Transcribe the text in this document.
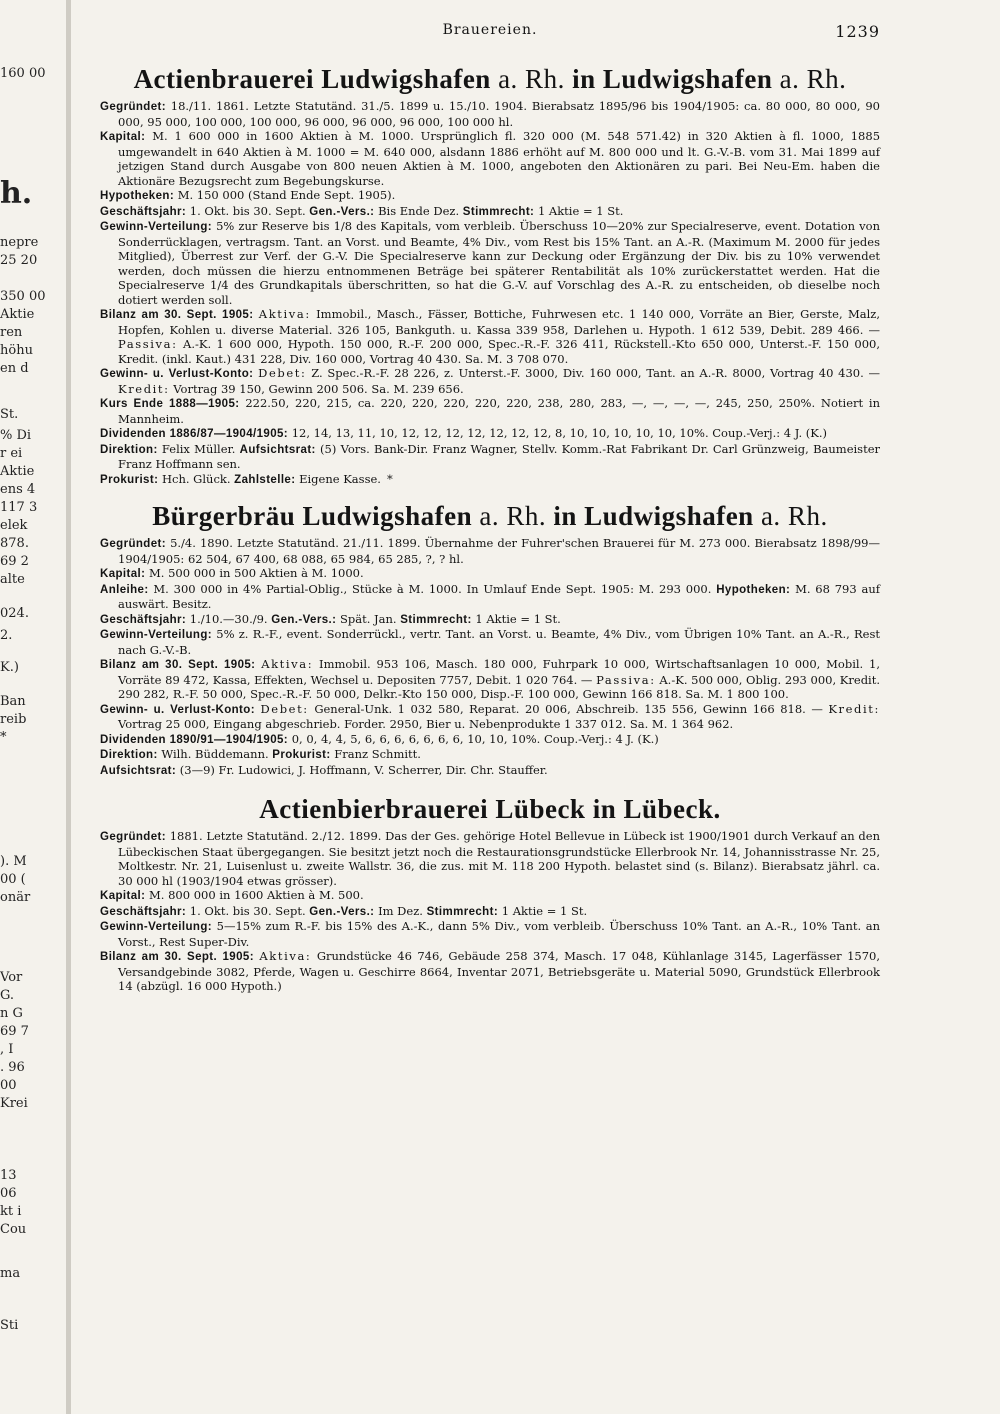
160 00
h.
nepre
25 20
350 00
Aktie
ren
höhu
en d
St.
% Di
r ei
Aktie
ens 4
117 3
elek
878.
69 2
alte
024.
2.
K.)
Ban
reib
*
). M
00 (
onär
Vor
G.
n G
69 7
, I
. 96
00
Krei
13
06
kt i
Cou
ma
Sti
Brauereien.	1239
Actienbrauerei Ludwigshafen a. Rh. in Ludwigshafen a. Rh.

Gegründet: 18./11. 1861. Letzte Statutänd. 31./5. 1899 u. 15./10. 1904. Bierabsatz 1895/96 bis 1904/1905: ca. 80 000, 80 000, 90 000, 95 000, 100 000, 100 000, 96 000, 96 000, 96 000, 100 000 hl.

Kapital: M. 1 600 000 in 1600 Aktien à M. 1000. Ursprünglich fl. 320 000 (M. 548 571.42) in 320 Aktien à fl. 1000, 1885 umgewandelt in 640 Aktien à M. 1000 = M. 640 000, alsdann 1886 erhöht auf M. 800 000 und lt. G.-V.-B. vom 31. Mai 1899 auf jetzigen Stand durch Ausgabe von 800 neuen Aktien à M. 1000, angeboten den Aktionären zu pari. Bei Neu-Em. haben die Aktionäre Bezugsrecht zum Begebungskurse.

Hypotheken: M. 150 000 (Stand Ende Sept. 1905).

Geschäftsjahr: 1. Okt. bis 30. Sept. Gen.-Vers.: Bis Ende Dez. Stimmrecht: 1 Aktie = 1 St.

Gewinn-Verteilung: 5% zur Reserve bis 1/8 des Kapitals, vom verbleib. Überschuss 10—20% zur Specialreserve, event. Dotation von Sonderrücklagen, vertragsm. Tant. an Vorst. und Beamte, 4% Div., vom Rest bis 15% Tant. an A.-R. (Maximum M. 2000 für jedes Mitglied), Überrest zur Verf. der G.-V. Die Specialreserve kann zur Deckung oder Ergänzung der Div. bis zu 10% verwendet werden, doch müssen die hierzu entnommenen Beträge bei späterer Rentabilität als 10% zurückerstattet werden. Hat die Specialreserve 1/4 des Grundkapitals überschritten, so hat die G.-V. auf Vorschlag des A.-R. zu entscheiden, ob dieselbe noch dotiert werden soll.

Bilanz am 30. Sept. 1905: Aktiva: Immobil., Masch., Fässer, Bottiche, Fuhrwesen etc. 1 140 000, Vorräte an Bier, Gerste, Malz, Hopfen, Kohlen u. diverse Material. 326 105, Bankguth. u. Kassa 339 958, Darlehen u. Hypoth. 1 612 539, Debit. 289 466. — Passiva: A.-K. 1 600 000, Hypoth. 150 000, R.-F. 200 000, Spec.-R.-F. 326 411, Rückstell.-Kto 650 000, Unterst.-F. 150 000, Kredit. (inkl. Kaut.) 431 228, Div. 160 000, Vortrag 40 430. Sa. M. 3 708 070.

Gewinn- u. Verlust-Konto: Debet: Z. Spec.-R.-F. 28 226, z. Unterst.-F. 3000, Div. 160 000, Tant. an A.-R. 8000, Vortrag 40 430. — Kredit: Vortrag 39 150, Gewinn 200 506. Sa. M. 239 656.

Kurs Ende 1888—1905: 222.50, 220, 215, ca. 220, 220, 220, 220, 220, 238, 280, 283, —, —, —, —, 245, 250, 250%. Notiert in Mannheim.

Dividenden 1886/87—1904/1905: 12, 14, 13, 11, 10, 12, 12, 12, 12, 12, 12, 12, 8, 10, 10, 10, 10, 10, 10%. Coup.-Verj.: 4 J. (K.)

Direktion: Felix Müller. Aufsichtsrat: (5) Vors. Bank-Dir. Franz Wagner, Stellv. Komm.-Rat Fabrikant Dr. Carl Grünzweig, Baumeister Franz Hoffmann sen.

Prokurist: Hch. Glück. Zahlstelle: Eigene Kasse. *

Bürgerbräu Ludwigshafen a. Rh. in Ludwigshafen a. Rh.

Gegründet: 5./4. 1890. Letzte Statutänd. 21./11. 1899. Übernahme der Fuhrer'schen Brauerei für M. 273 000. Bierabsatz 1898/99—1904/1905: 62 504, 67 400, 68 088, 65 984, 65 285, ?, ? hl.

Kapital: M. 500 000 in 500 Aktien à M. 1000.

Anleihe: M. 300 000 in 4% Partial-Oblig., Stücke à M. 1000. In Umlauf Ende Sept. 1905: M. 293 000. Hypotheken: M. 68 793 auf auswärt. Besitz.

Geschäftsjahr: 1./10.—30./9. Gen.-Vers.: Spät. Jan. Stimmrecht: 1 Aktie = 1 St.

Gewinn-Verteilung: 5% z. R.-F., event. Sonderrückl., vertr. Tant. an Vorst. u. Beamte, 4% Div., vom Übrigen 10% Tant. an A.-R., Rest nach G.-V.-B.

Bilanz am 30. Sept. 1905: Aktiva: Immobil. 953 106, Masch. 180 000, Fuhrpark 10 000, Wirtschaftsanlagen 10 000, Mobil. 1, Vorräte 89 472, Kassa, Effekten, Wechsel u. Depositen 7757, Debit. 1 020 764. — Passiva: A.-K. 500 000, Oblig. 293 000, Kredit. 290 282, R.-F. 50 000, Spec.-R.-F. 50 000, Delkr.-Kto 150 000, Disp.-F. 100 000, Gewinn 166 818. Sa. M. 1 800 100.

Gewinn- u. Verlust-Konto: Debet: General-Unk. 1 032 580, Reparat. 20 006, Abschreib. 135 556, Gewinn 166 818. — Kredit: Vortrag 25 000, Eingang abgeschrieb. Forder. 2950, Bier u. Nebenprodukte 1 337 012. Sa. M. 1 364 962.

Dividenden 1890/91—1904/1905: 0, 0, 4, 4, 5, 6, 6, 6, 6, 6, 6, 6, 10, 10, 10%. Coup.-Verj.: 4 J. (K.)

Direktion: Wilh. Büddemann. Prokurist: Franz Schmitt.

Aufsichtsrat: (3—9) Fr. Ludowici, J. Hoffmann, V. Scherrer, Dir. Chr. Stauffer.

Actienbierbrauerei Lübeck in Lübeck.

Gegründet: 1881. Letzte Statutänd. 2./12. 1899. Das der Ges. gehörige Hotel Bellevue in Lübeck ist 1900/1901 durch Verkauf an den Lübeckischen Staat übergegangen. Sie besitzt jetzt noch die Restaurationsgrundstücke Ellerbrook Nr. 14, Johannisstrasse Nr. 25, Moltkestr. Nr. 21, Luisenlust u. zweite Wallstr. 36, die zus. mit M. 118 200 Hypoth. belastet sind (s. Bilanz). Bierabsatz jährl. ca. 30 000 hl (1903/1904 etwas grösser).

Kapital: M. 800 000 in 1600 Aktien à M. 500.

Geschäftsjahr: 1. Okt. bis 30. Sept. Gen.-Vers.: Im Dez. Stimmrecht: 1 Aktie = 1 St.

Gewinn-Verteilung: 5—15% zum R.-F. bis 15% des A.-K., dann 5% Div., vom verbleib. Überschuss 10% Tant. an A.-R., 10% Tant. an Vorst., Rest Super-Div.

Bilanz am 30. Sept. 1905: Aktiva: Grundstücke 46 746, Gebäude 258 374, Masch. 17 048, Kühlanlage 3145, Lagerfässer 1570, Versandgebinde 3082, Pferde, Wagen u. Geschirre 8664, Inventar 2071, Betriebsgeräte u. Material 5090, Grundstück Ellerbrook 14 (abzügl. 16 000 Hypoth.)
